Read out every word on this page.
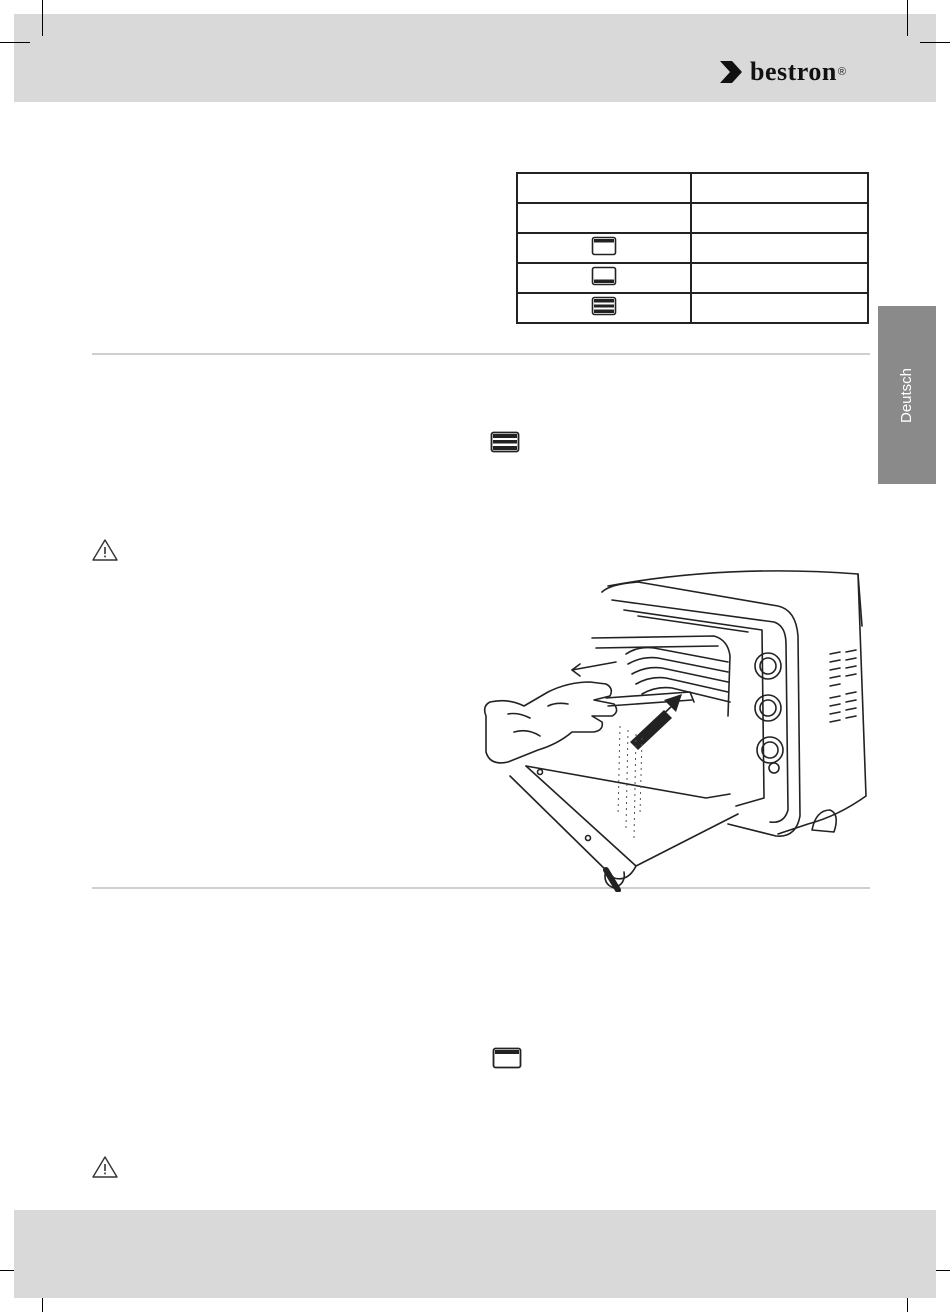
bestron ®

Deutsch
